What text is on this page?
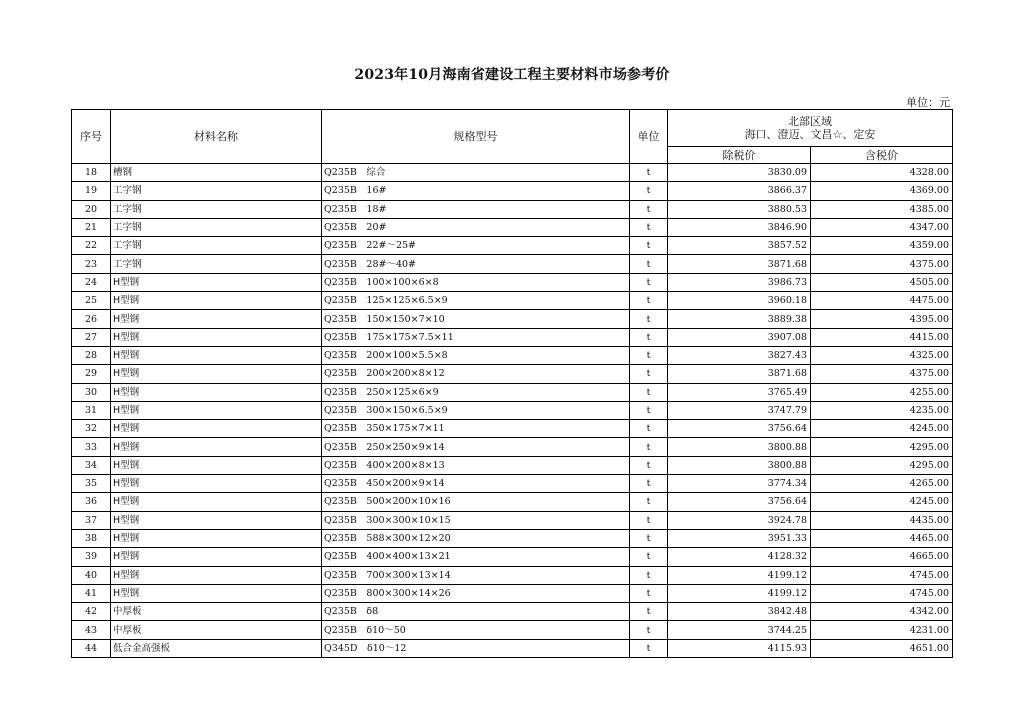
2023年10月海南省建设工程主要材料市场参考价
单位：元
序号	材料名称	规格型号	单位	北部区域
海口、澄迈、文昌☆、定安	

				除税价	含税价
18	槽钢	Q235B　综合	t	3830.09	4328.00
19	工字钢	Q235B　16#	t	3866.37	4369.00
20	工字钢	Q235B　18#	t	3880.53	4385.00
21	工字钢	Q235B　20#	t	3846.90	4347.00
22	工字钢	Q235B　22#～25#	t	3857.52	4359.00
23	工字钢	Q235B　28#～40#	t	3871.68	4375.00
24	H型钢	Q235B　100×100×6×8	t	3986.73	4505.00
25	H型钢	Q235B　125×125×6.5×9	t	3960.18	4475.00
26	H型钢	Q235B　150×150×7×10	t	3889.38	4395.00
27	H型钢	Q235B　175×175×7.5×11	t	3907.08	4415.00
28	H型钢	Q235B　200×100×5.5×8	t	3827.43	4325.00
29	H型钢	Q235B　200×200×8×12	t	3871.68	4375.00
30	H型钢	Q235B　250×125×6×9	t	3765.49	4255.00
31	H型钢	Q235B　300×150×6.5×9	t	3747.79	4235.00
32	H型钢	Q235B　350×175×7×11	t	3756.64	4245.00
33	H型钢	Q235B　250×250×9×14	t	3800.88	4295.00
34	H型钢	Q235B　400×200×8×13	t	3800.88	4295.00
35	H型钢	Q235B　450×200×9×14	t	3774.34	4265.00
36	H型钢	Q235B　500×200×10×16	t	3756.64	4245.00
37	H型钢	Q235B　300×300×10×15	t	3924.78	4435.00
38	H型钢	Q235B　588×300×12×20	t	3951.33	4465.00
39	H型钢	Q235B　400×400×13×21	t	4128.32	4665.00
40	H型钢	Q235B　700×300×13×14	t	4199.12	4745.00
41	H型钢	Q235B　800×300×14×26	t	4199.12	4745.00
42	中厚板	Q235B　δ8	t	3842.48	4342.00
43	中厚板	Q235B　δ10～50	t	3744.25	4231.00
44	低合金高强板	Q345D　δ10～12	t	4115.93	4651.00
